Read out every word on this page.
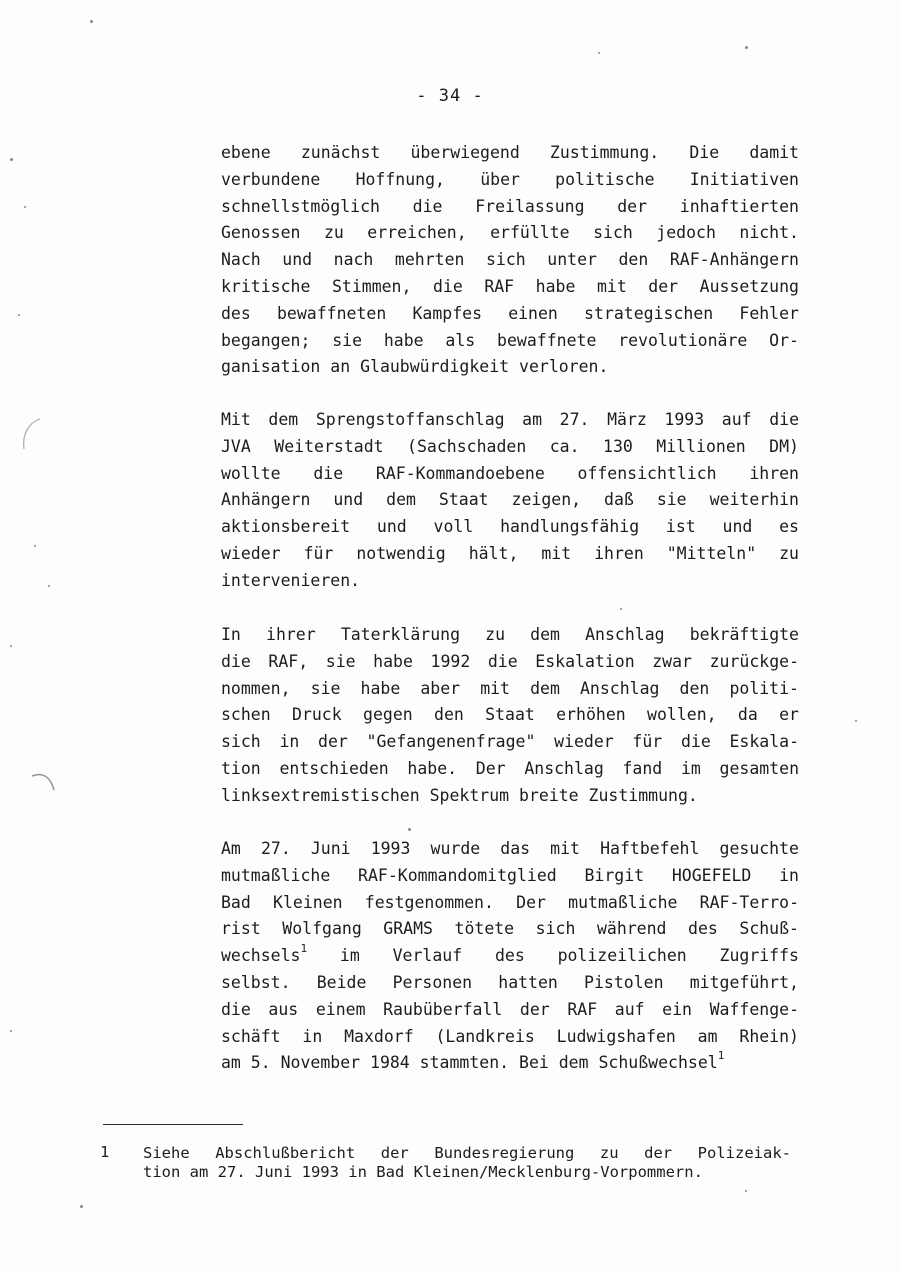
- 34 -
ebene zunächst überwiegend Zustimmung. Die damit
verbundene Hoffnung, über politische Initiativen
schnellstmöglich die Freilassung der inhaftierten
Genossen zu erreichen, erfüllte sich jedoch nicht.
Nach und nach mehrten sich unter den RAF-Anhängern
kritische Stimmen, die RAF habe mit der Aussetzung
des bewaffneten Kampfes einen strategischen Fehler
begangen; sie habe als bewaffnete revolutionäre Or-
ganisation an Glaubwürdigkeit verloren.
Mit dem Sprengstoffanschlag am 27. März 1993 auf die
JVA Weiterstadt (Sachschaden ca. 130 Millionen DM)
wollte die RAF-Kommandoebene offensichtlich ihren
Anhängern und dem Staat zeigen, daß sie weiterhin
aktionsbereit und voll handlungsfähig ist und es
wieder für notwendig hält, mit ihren "Mitteln" zu
intervenieren.
In ihrer Taterklärung zu dem Anschlag bekräftigte
die RAF, sie habe 1992 die Eskalation zwar zurückge-
nommen, sie habe aber mit dem Anschlag den politi-
schen Druck gegen den Staat erhöhen wollen, da er
sich in der "Gefangenenfrage" wieder für die Eskala-
tion entschieden habe. Der Anschlag fand im gesamten
linksextremistischen Spektrum breite Zustimmung.
Am 27. Juni 1993 wurde das mit Haftbefehl gesuchte
mutmaßliche RAF-Kommandomitglied Birgit HOGEFELD in
Bad Kleinen festgenommen. Der mutmaßliche RAF-Terro-
rist Wolfgang GRAMS tötete sich während des Schuß-
wechsels$^1$ im Verlauf des polizeilichen Zugriffs
selbst. Beide Personen hatten Pistolen mitgeführt,
die aus einem Raubüberfall der RAF auf ein Waffenge-
schäft in Maxdorf (Landkreis Ludwigshafen am Rhein)
am 5. November 1984 stammten. Bei dem Schußwechsel$^1$
1 Siehe Abschlußbericht der Bundesregierung zu der Polizeiak-
tion am 27. Juni 1993 in Bad Kleinen/Mecklenburg-Vorpommern.
